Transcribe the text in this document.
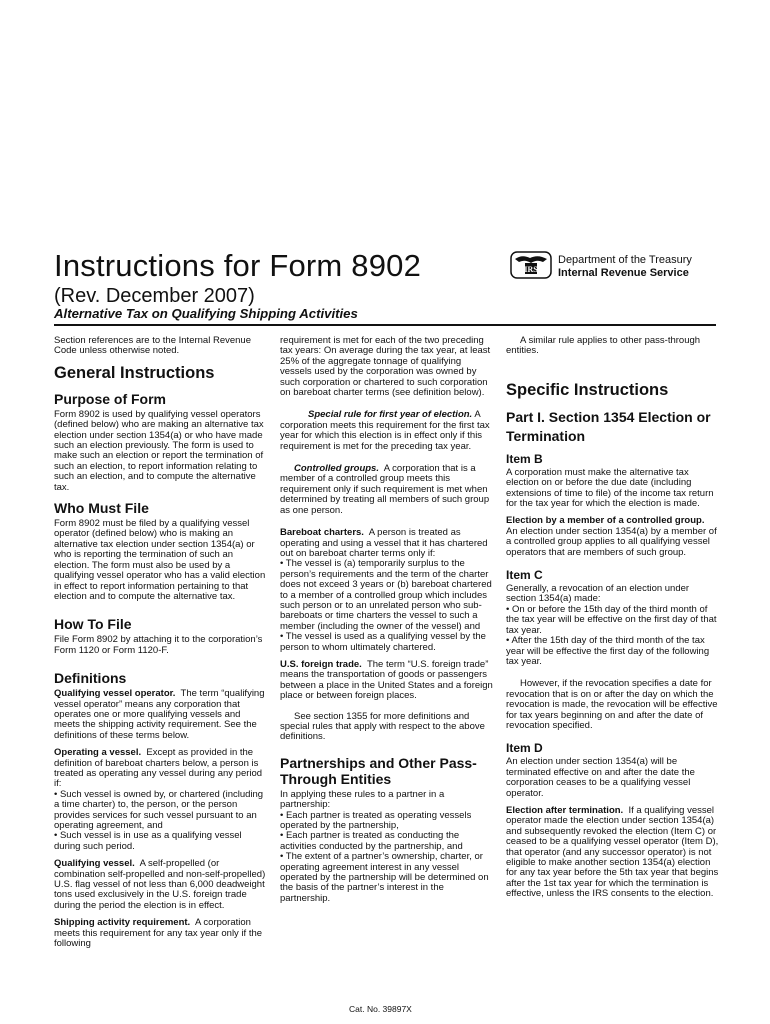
Instructions for Form 8902
(Rev. December 2007)
Alternative Tax on Qualifying Shipping Activities
IRS
Department of the Treasury
Internal Revenue Service

Section references are to the Internal Revenue Code unless otherwise noted.

General Instructions
Purpose of Form

Form 8902 is used by qualifying vessel operators (defined below) who are making an alternative tax election under section 1354(a) or who have made such an election previously. The form is used to make such an election or report the termination of such an election, to report information relating to such an election, and to compute the alternative tax.

Who Must File

Form 8902 must be filed by a qualifying vessel operator (defined below) who is making an alternative tax election under section 1354(a) or who is reporting the termination of such an election. The form must also be used by a qualifying vessel operator who has a valid election in effect to report information pertaining to that election and to compute the alternative tax.

How To File

File Form 8902 by attaching it to the corporation’s Form 1120 or Form 1120-F.

Definitions

Qualifying vessel operator. The term “qualifying vessel operator” means any corporation that operates one or more qualifying vessels and meets the shipping activity requirement. See the definitions of these terms below.

Operating a vessel. Except as provided in the definition of bareboat charters below, a person is treated as operating any vessel during any period if:

• Such vessel is owned by, or chartered (including a time charter) to, the person, or the person provides services for such vessel pursuant to an operating agreement, and

• Such vessel is in use as a qualifying vessel during such period.

Qualifying vessel. A self-propelled (or combination self-propelled and non-self-propelled) U.S. flag vessel of not less than 6,000 deadweight tons used exclusively in the U.S. foreign trade during the period the election is in effect.

Shipping activity requirement. A corporation meets this requirement for any tax year only if the following

requirement is met for each of the two preceding tax years: On average during the tax year, at least 25% of the aggregate tonnage of qualifying vessels used by the corporation was owned by such corporation or chartered to such corporation on bareboat charter terms (see definition below).

Special rule for first year of election. A corporation meets this requirement for the first tax year for which this election is in effect only if this requirement is met for the preceding tax year.

Controlled groups. A corporation that is a member of a controlled group meets this requirement only if such requirement is met when determined by treating all members of such group as one person.

Bareboat charters. A person is treated as operating and using a vessel that it has chartered out on bareboat charter terms only if:

• The vessel is (a) temporarily surplus to the person’s requirements and the term of the charter does not exceed 3 years or (b) bareboat chartered to a member of a controlled group which includes such person or to an unrelated person who sub-bareboats or time charters the vessel to such a member (including the owner of the vessel) and

• The vessel is used as a qualifying vessel by the person to whom ultimately chartered.

U.S. foreign trade. The term “U.S. foreign trade” means the transportation of goods or passengers between a place in the United States and a foreign place or between foreign places.

See section 1355 for more definitions and special rules that apply with respect to the above definitions.

Partnerships and Other Pass-Through Entities

In applying these rules to a partner in a partnership:

• Each partner is treated as operating vessels operated by the partnership,

• Each partner is treated as conducting the activities conducted by the partnership, and

• The extent of a partner’s ownership, charter, or operating agreement interest in any vessel operated by the partnership will be determined on the basis of the partner’s interest in the partnership.

A similar rule applies to other pass-through entities.

Specific Instructions
Part I. Section 1354 Election or Termination
Item B

A corporation must make the alternative tax election on or before the due date (including extensions of time to file) of the income tax return for the tax year for which the election is made.

Election by a member of a controlled group.  An election under section 1354(a) by a member of a controlled group applies to all qualifying vessel operators that are members of such group.

Item C

Generally, a revocation of an election under section 1354(a) made:

• On or before the 15th day of the third month of the tax year will be effective on the first day of that tax year.

• After the 15th day of the third month of the tax year will be effective the first day of the following tax year.

However, if the revocation specifies a date for revocation that is on or after the day on which the revocation is made, the revocation will be effective for tax years beginning on and after the date of revocation specified.

Item D

An election under section 1354(a) will be terminated effective on and after the date the corporation ceases to be a qualifying vessel operator.

Election after termination. If a qualifying vessel operator made the election under section 1354(a) and subsequently revoked the election (Item C) or ceased to be a qualifying vessel operator (Item D), that operator (and any successor operator) is not eligible to make another section 1354(a) election for any tax year before the 5th tax year that begins after the 1st tax year for which the termination is effective, unless the IRS consents to the election.

Cat. No. 39897X
